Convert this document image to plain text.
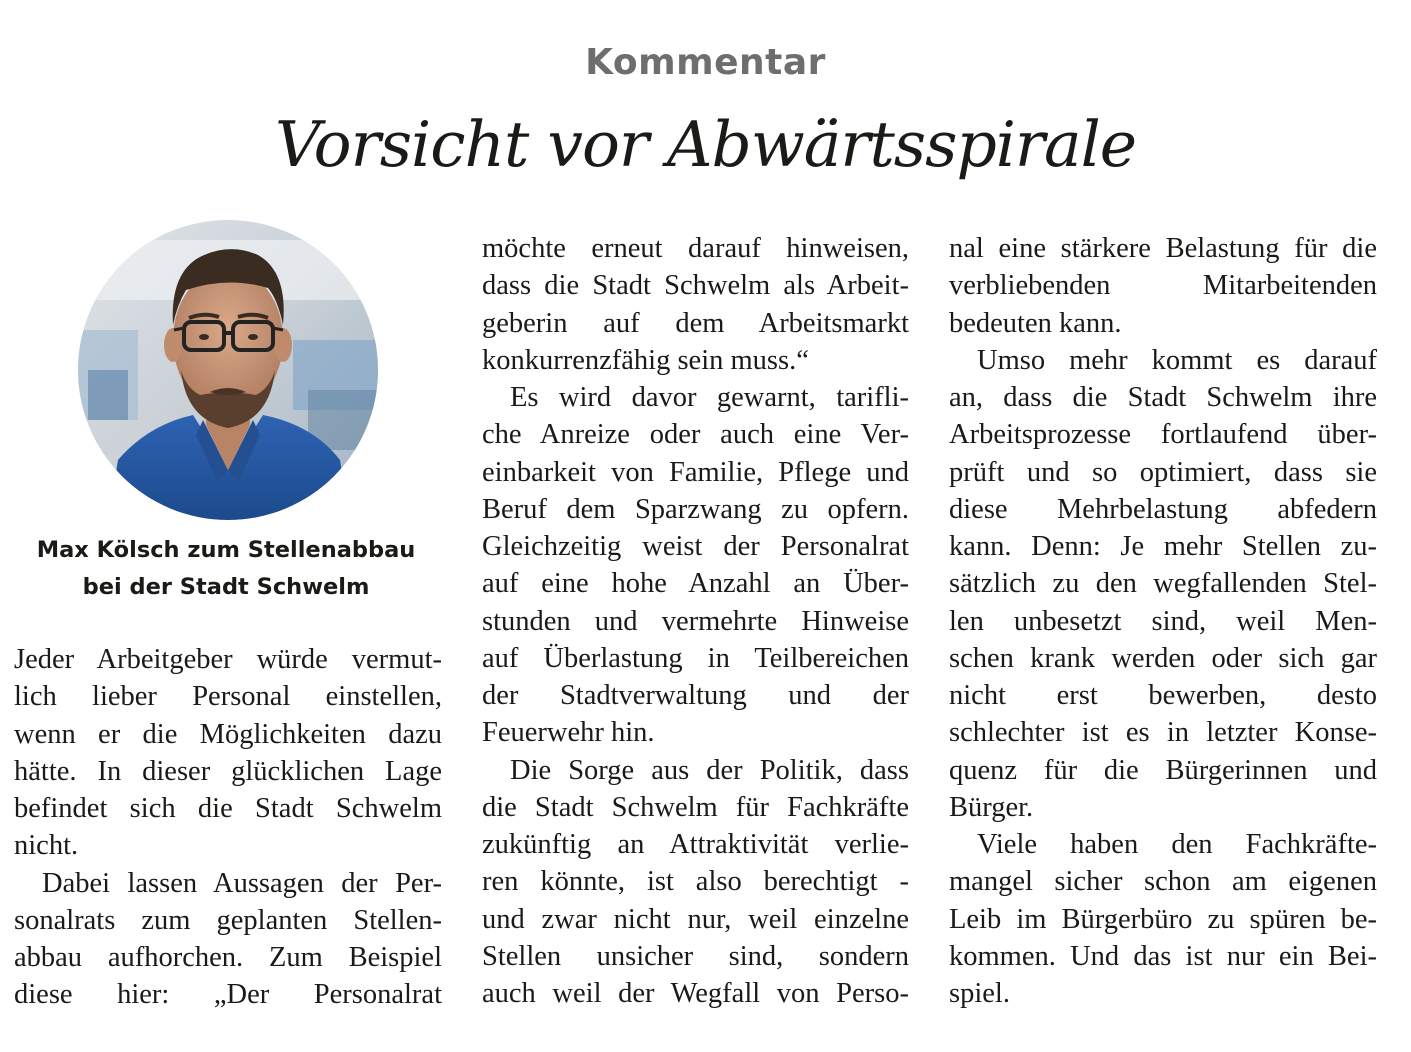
Kommentar
Vorsicht vor Abwärtsspirale
Max Kölsch zum Stellenabbau
bei der Stadt Schwelm
Jeder Arbeitgeber würde vermut-
lich lieber Personal einstellen,
wenn er die Möglichkeiten dazu
hätte. In dieser glücklichen Lage
befindet sich die Stadt Schwelm
nicht.
Dabei lassen Aussagen der Per-
sonalrats zum geplanten Stellen-
abbau aufhorchen. Zum Beispiel
diese hier: „Der Personalrat
möchte erneut darauf hinweisen,
dass die Stadt Schwelm als Arbeit-
geberin auf dem Arbeitsmarkt
konkurrenzfähig sein muss.“
Es wird davor gewarnt, tarifli-
che Anreize oder auch eine Ver-
einbarkeit von Familie, Pflege und
Beruf dem Sparzwang zu opfern.
Gleichzeitig weist der Personalrat
auf eine hohe Anzahl an Über-
stunden und vermehrte Hinweise
auf Überlastung in Teilbereichen
der Stadtverwaltung und der
Feuerwehr hin.
Die Sorge aus der Politik, dass
die Stadt Schwelm für Fachkräfte
zukünftig an Attraktivität verlie-
ren könnte, ist also berechtigt -
und zwar nicht nur, weil einzelne
Stellen unsicher sind, sondern
auch weil der Wegfall von Perso-
nal eine stärkere Belastung für die
verbliebenden Mitarbeitenden
bedeuten kann.
Umso mehr kommt es darauf
an, dass die Stadt Schwelm ihre
Arbeitsprozesse fortlaufend über-
prüft und so optimiert, dass sie
diese Mehrbelastung abfedern
kann. Denn: Je mehr Stellen zu-
sätzlich zu den wegfallenden Stel-
len unbesetzt sind, weil Men-
schen krank werden oder sich gar
nicht erst bewerben, desto
schlechter ist es in letzter Konse-
quenz für die Bürgerinnen und
Bürger.
Viele haben den Fachkräfte-
mangel sicher schon am eigenen
Leib im Bürgerbüro zu spüren be-
kommen. Und das ist nur ein Bei-
spiel.
